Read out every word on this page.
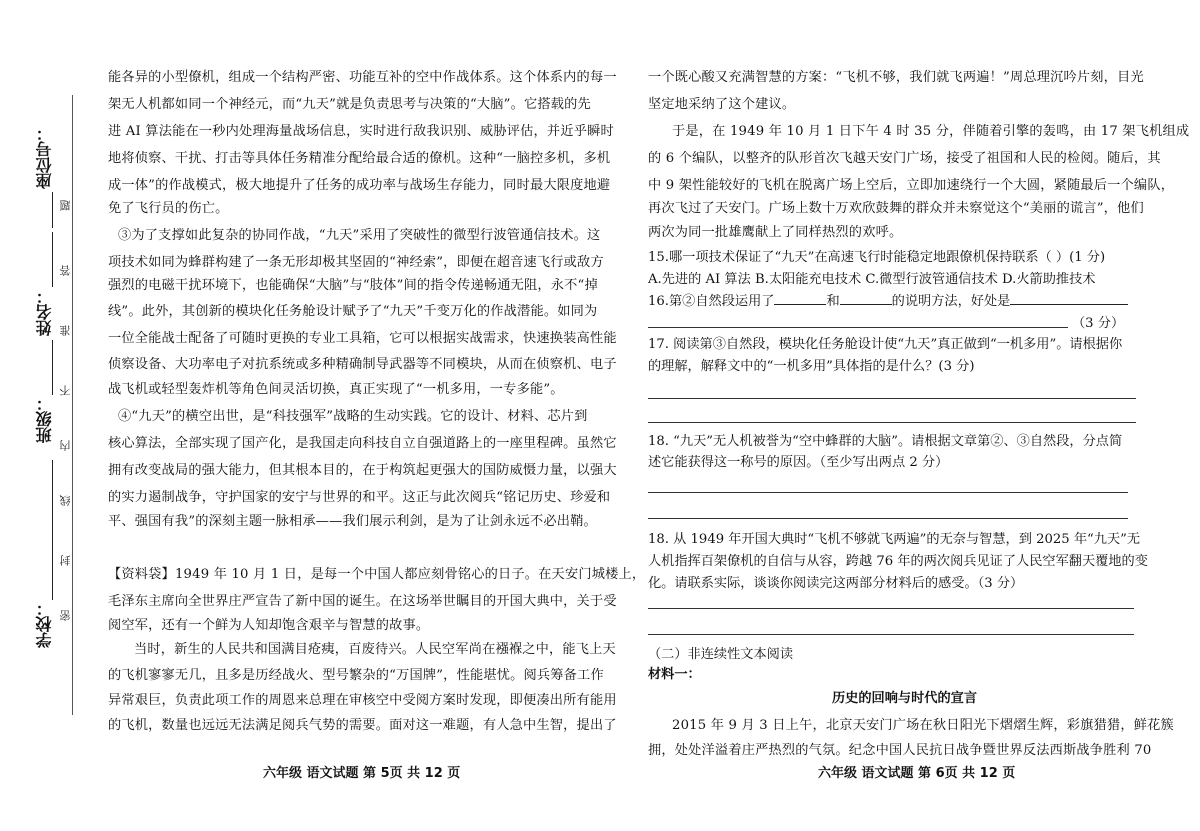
座位号：
姓名：
班级：
学校：
题
答
准
不
内
线
封
密
能各异的小型僚机，组成一个结构严密、功能互补的空中作战体系。这个体系内的每一
架无人机都如同一个神经元，而“九天”就是负责思考与决策的“大脑”。它搭载的先
进 AI 算法能在一秒内处理海量战场信息，实时进行敌我识别、威胁评估，并近乎瞬时
地将侦察、干扰、打击等具体任务精准分配给最合适的僚机。这种“一脑控多机，多机
成一体”的作战模式，极大地提升了任务的成功率与战场生存能力，同时最大限度地避
免了飞行员的伤亡。
③为了支撑如此复杂的协同作战，“九天”采用了突破性的微型行波管通信技术。这
项技术如同为蜂群构建了一条无形却极其坚固的“神经索”，即便在超音速飞行或敌方
强烈的电磁干扰环境下，也能确保“大脑”与“肢体”间的指令传递畅通无阻，永不“掉
线”。此外，其创新的模块化任务舱设计赋予了“九天”千变万化的作战潜能。如同为
一位全能战士配备了可随时更换的专业工具箱，它可以根据实战需求，快速换装高性能
侦察设备、大功率电子对抗系统或多种精确制导武器等不同模块，从而在侦察机、电子
战飞机或轻型轰炸机等角色间灵活切换，真正实现了“一机多用，一专多能”。
④“九天”的横空出世，是“科技强军”战略的生动实践。它的设计、材料、芯片到
核心算法，全部实现了国产化，是我国走向科技自立自强道路上的一座里程碑。虽然它
拥有改变战局的强大能力，但其根本目的，在于构筑起更强大的国防威慑力量，以强大
的实力遏制战争，守护国家的安宁与世界的和平。这正与此次阅兵“铭记历史、珍爱和
平、强国有我”的深刻主题一脉相承——我们展示利剑，是为了让剑永远不必出鞘。
【资料袋】1949 年 10 月 1 日，是每一个中国人都应刻骨铭心的日子。在天安门城楼上，
毛泽东主席向全世界庄严宣告了新中国的诞生。在这场举世瞩目的开国大典中，关于受
阅空军，还有一个鲜为人知却饱含艰辛与智慧的故事。
当时，新生的人民共和国满目疮痍，百废待兴。人民空军尚在襁褓之中，能飞上天
的飞机寥寥无几，且多是历经战火、型号繁杂的“万国牌”，性能堪忧。阅兵筹备工作
异常艰巨，负责此项工作的周恩来总理在审核空中受阅方案时发现，即便凑出所有能用
的飞机，数量也远远无法满足阅兵气势的需要。面对这一难题，有人急中生智，提出了
六年级 语文试题 第 5页 共 12 页
一个既心酸又充满智慧的方案：“飞机不够，我们就飞两遍！”周总理沉吟片刻，目光
坚定地采纳了这个建议。
于是，在 1949 年 10 月 1 日下午 4 时 35 分，伴随着引擎的轰鸣，由 17 架飞机组成
的 6 个编队，以整齐的队形首次飞越天安门广场，接受了祖国和人民的检阅。随后，其
中 9 架性能较好的飞机在脱离广场上空后，立即加速绕行一个大圆，紧随最后一个编队，
再次飞过了天安门。广场上数十万欢欣鼓舞的群众并未察觉这个“美丽的谎言”，他们
两次为同一批雄鹰献上了同样热烈的欢呼。
15.哪一项技术保证了“九天”在高速飞行时能稳定地跟僚机保持联系（ ）(1 分)
A.先进的 AI 算法 B.太阳能充电技术 C.微型行波管通信技术 D.火箭助推技术
16.第②自然段运用了	和	的说明方法，好处是
（3 分）
17. 阅读第③自然段，模块化任务舱设计使“九天”真正做到“一机多用”。请根据你
的理解，解释文中的“一机多用”具体指的是什么？(3 分)
18. “九天”无人机被誉为“空中蜂群的大脑”。请根据文章第②、③自然段，分点简
述它能获得这一称号的原因。（至少写出两点 2 分）
18. 从 1949 年开国大典时“飞机不够就飞两遍”的无奈与智慧，到 2025 年“九天”无
人机指挥百架僚机的自信与从容，跨越 76 年的两次阅兵见证了人民空军翻天覆地的变
化。请联系实际，谈谈你阅读完这两部分材料后的感受。（3 分）
（二）非连续性文本阅读
材料一：
历史的回响与时代的宣言
2015 年 9 月 3 日上午，北京天安门广场在秋日阳光下熠熠生辉，彩旗猎猎，鲜花簇
拥，处处洋溢着庄严热烈的气氛。纪念中国人民抗日战争暨世界反法西斯战争胜利 70
六年级 语文试题 第 6页 共 12 页
